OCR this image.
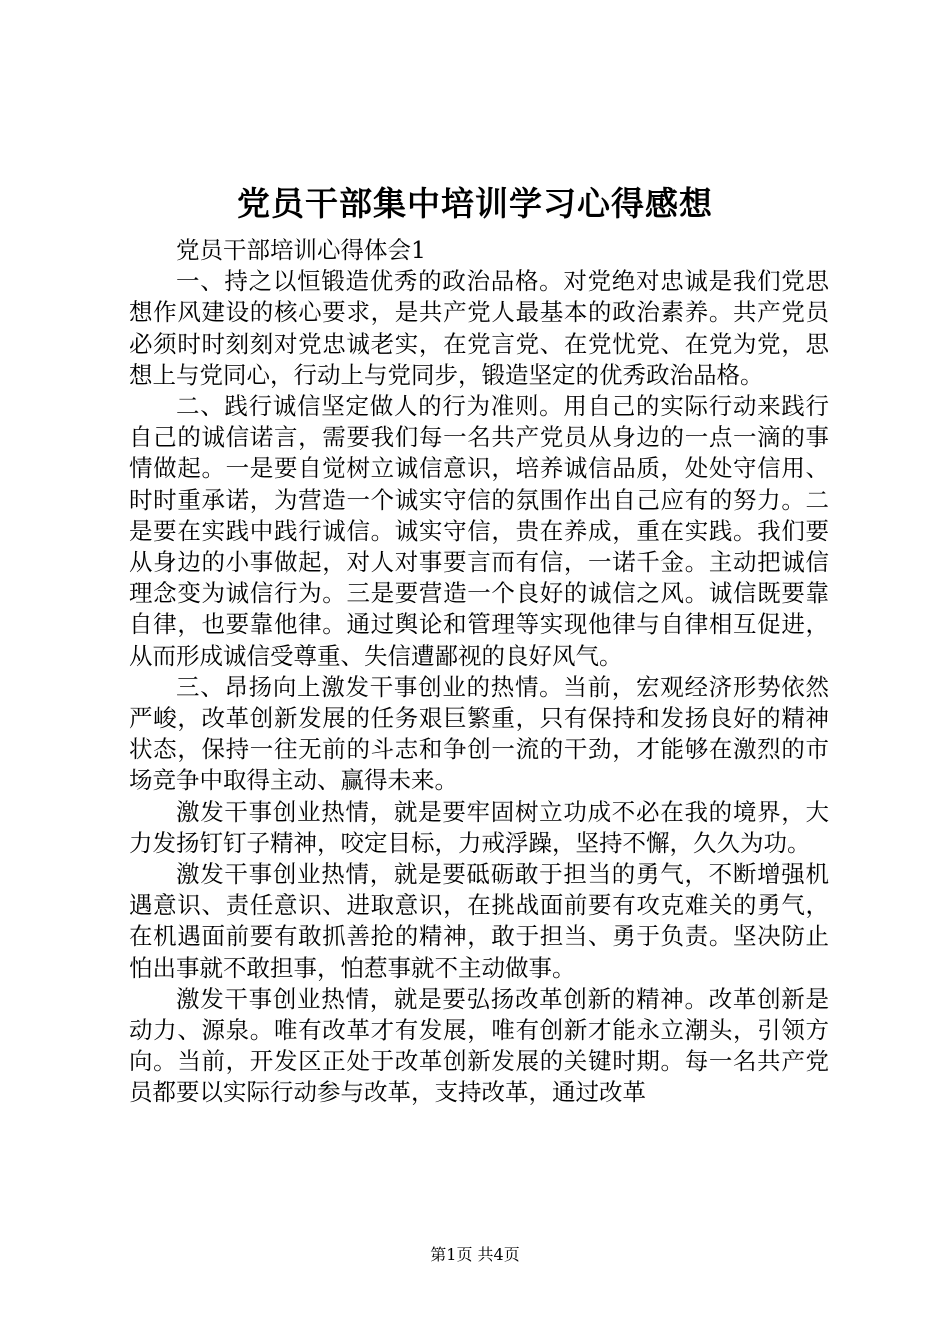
党员干部集中培训学习心得感想

党员干部培训心得体会1

一、持之以恒锻造优秀的政治品格。对党绝对忠诚是我们党思想作风建设的核心要求，是共产党人最基本的政治素养。共产党员必须时时刻刻对党忠诚老实，在党言党、在党忧党、在党为党，思想上与党同心，行动上与党同步，锻造坚定的优秀政治品格。

二、践行诚信坚定做人的行为准则。用自己的实际行动来践行自己的诚信诺言，需要我们每一名共产党员从身边的一点一滴的事情做起。一是要自觉树立诚信意识，培养诚信品质，处处守信用、时时重承诺，为营造一个诚实守信的氛围作出自己应有的努力。二是要在实践中践行诚信。诚实守信，贵在养成，重在实践。我们要从身边的小事做起，对人对事要言而有信，一诺千金。主动把诚信理念变为诚信行为。三是要营造一个良好的诚信之风。诚信既要靠自律，也要靠他律。通过舆论和管理等实现他律与自律相互促进，从而形成诚信受尊重、失信遭鄙视的良好风气。

三、昂扬向上激发干事创业的热情。当前，宏观经济形势依然严峻，改革创新发展的任务艰巨繁重，只有保持和发扬良好的精神状态，保持一往无前的斗志和争创一流的干劲，才能够在激烈的市场竞争中取得主动、赢得未来。

激发干事创业热情，就是要牢固树立功成不必在我的境界，大力发扬钉钉子精神，咬定目标，力戒浮躁，坚持不懈，久久为功。

激发干事创业热情，就是要砥砺敢于担当的勇气，不断增强机遇意识、责任意识、进取意识，在挑战面前要有攻克难关的勇气，在机遇面前要有敢抓善抢的精神，敢于担当、勇于负责。坚决防止怕出事就不敢担事，怕惹事就不主动做事。

激发干事创业热情，就是要弘扬改革创新的精神。改革创新是动力、源泉。唯有改革才有发展，唯有创新才能永立潮头，引领方向。当前，开发区正处于改革创新发展的关键时期。每一名共产党员都要以实际行动参与改革，支持改革，通过改革

第1页 共4页
